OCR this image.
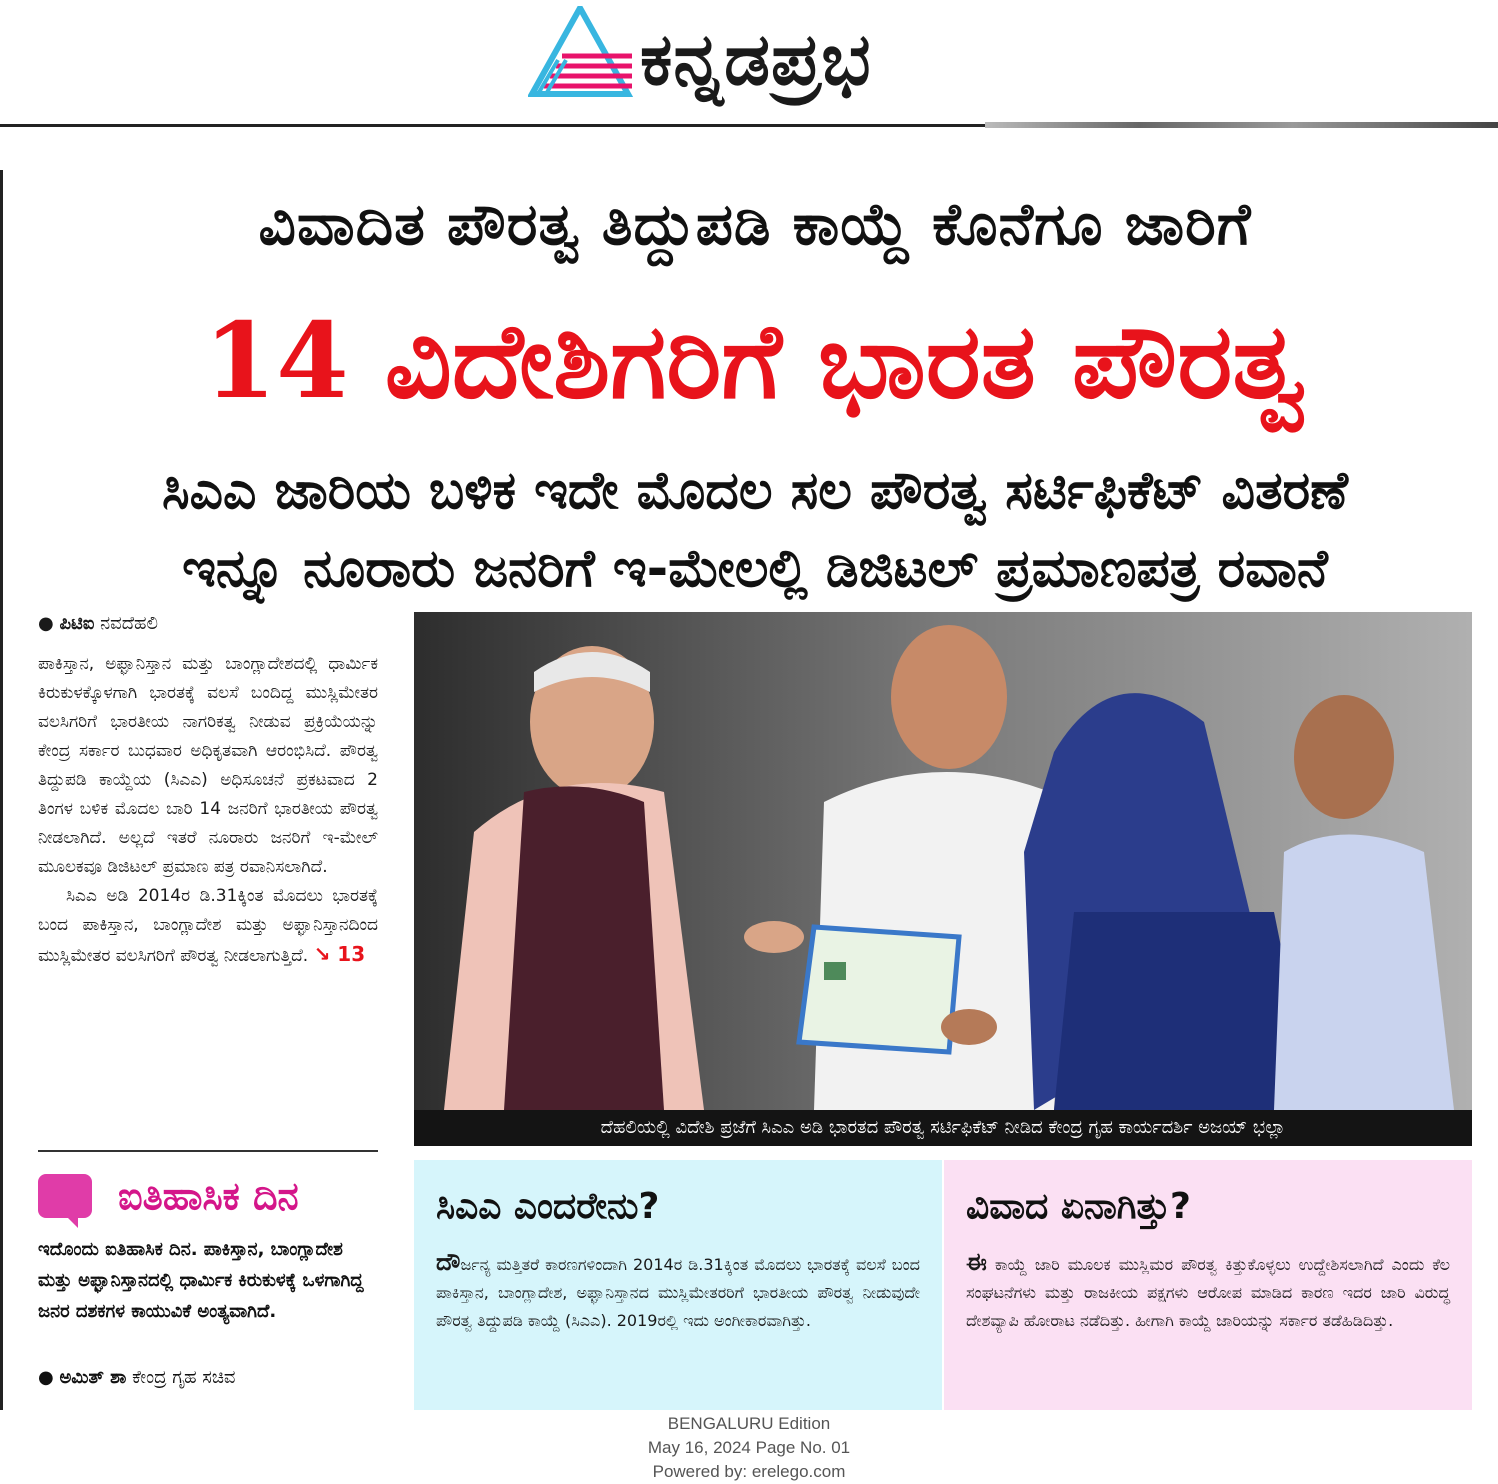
ಕನ್ನಡಪ್ರಭ
ವಿವಾದಿತ ಪೌರತ್ವ ತಿದ್ದುಪಡಿ ಕಾಯ್ದೆ ಕೊನೆಗೂ ಜಾರಿಗೆ
14 ವಿದೇಶಿಗರಿಗೆ ಭಾರತ ಪೌರತ್ವ
ಸಿಎಎ ಜಾರಿಯ ಬಳಿಕ ಇದೇ ಮೊದಲ ಸಲ ಪೌರತ್ವ ಸರ್ಟಿಫಿಕೆಟ್ ವಿತರಣೆ
ಇನ್ನೂ ನೂರಾರು ಜನರಿಗೆ ಇ-ಮೇಲಲ್ಲಿ ಡಿಜಿಟಲ್ ಪ್ರಮಾಣಪತ್ರ ರವಾನೆ
● ಪಿಟಿಐ ನವದೆಹಲಿ

ಪಾಕಿಸ್ತಾನ, ಅಫ್ಘಾನಿಸ್ತಾನ ಮತ್ತು ಬಾಂಗ್ಲಾದೇಶದಲ್ಲಿ ಧಾರ್ಮಿಕ ಕಿರುಕುಳಕ್ಕೊಳಗಾಗಿ ಭಾರತಕ್ಕೆ ವಲಸೆ ಬಂದಿದ್ದ ಮುಸ್ಲಿಮೇತರ ವಲಸಿಗರಿಗೆ ಭಾರತೀಯ ನಾಗರಿಕತ್ವ ನೀಡುವ ಪ್ರಕ್ರಿಯೆಯನ್ನು ಕೇಂದ್ರ ಸರ್ಕಾರ ಬುಧವಾರ ಅಧಿಕೃತವಾಗಿ ಆರಂಭಿಸಿದೆ. ಪೌರತ್ವ ತಿದ್ದುಪಡಿ ಕಾಯ್ದೆಯ (ಸಿಎಎ) ಅಧಿಸೂಚನೆ ಪ್ರಕಟವಾದ 2 ತಿಂಗಳ ಬಳಿಕ ಮೊದಲ ಬಾರಿ 14 ಜನರಿಗೆ ಭಾರತೀಯ ಪೌರತ್ವ ನೀಡಲಾಗಿದೆ. ಅಲ್ಲದೆ ಇತರೆ ನೂರಾರು ಜನರಿಗೆ ಇ-ಮೇಲ್ ಮೂಲಕವೂ ಡಿಜಿಟಲ್ ಪ್ರಮಾಣ ಪತ್ರ ರವಾನಿಸಲಾಗಿದೆ.

ಸಿಎಎ ಅಡಿ 2014ರ ಡಿ.31ಕ್ಕಿಂತ ಮೊದಲು ಭಾರತಕ್ಕೆ ಬಂದ ಪಾಕಿಸ್ತಾನ, ಬಾಂಗ್ಲಾದೇಶ ಮತ್ತು ಅಫ್ಘಾನಿಸ್ತಾನದಿಂದ ಮುಸ್ಲಿಮೇತರ ವಲಸಿಗರಿಗೆ ಪೌರತ್ವ ನೀಡಲಾಗುತ್ತಿದೆ. ↘ 13

ಐತಿಹಾಸಿಕ ದಿನ
ಇದೊಂದು ಐತಿಹಾಸಿಕ ದಿನ. ಪಾಕಿಸ್ತಾನ, ಬಾಂಗ್ಲಾದೇಶ ಮತ್ತು ಅಫ್ಘಾನಿಸ್ತಾನದಲ್ಲಿ ಧಾರ್ಮಿಕ ಕಿರುಕುಳಕ್ಕೆ ಒಳಗಾಗಿದ್ದ ಜನರ ದಶಕಗಳ ಕಾಯುವಿಕೆ ಅಂತ್ಯವಾಗಿದೆ.
● ಅಮಿತ್ ಶಾ ಕೇಂದ್ರ ಗೃಹ ಸಚಿವ
ದೆಹಲಿಯಲ್ಲಿ ವಿದೇಶಿ ಪ್ರಜೆಗೆ ಸಿಎಎ ಅಡಿ ಭಾರತದ ಪೌರತ್ವ ಸರ್ಟಿಫಿಕೆಟ್ ನೀಡಿದ ಕೇಂದ್ರ ಗೃಹ ಕಾರ್ಯದರ್ಶಿ ಅಜಯ್ ಭಲ್ಲಾ
ಸಿಎಎ ಎಂದರೇನು?
ದೌರ್ಜನ್ಯ ಮತ್ತಿತರೆ ಕಾರಣಗಳಿಂದಾಗಿ 2014ರ ಡಿ.31ಕ್ಕಿಂತ ಮೊದಲು ಭಾರತಕ್ಕೆ ವಲಸೆ ಬಂದ ಪಾಕಿಸ್ತಾನ, ಬಾಂಗ್ಲಾದೇಶ, ಅಫ್ಘಾನಿಸ್ತಾನದ ಮುಸ್ಲಿಮೇತರರಿಗೆ ಭಾರತೀಯ ಪೌರತ್ವ ನೀಡುವುದೇ ಪೌರತ್ವ ತಿದ್ದುಪಡಿ ಕಾಯ್ದೆ (ಸಿಎಎ). 2019ರಲ್ಲಿ ಇದು ಅಂಗೀಕಾರವಾಗಿತ್ತು.
ವಿವಾದ ಏನಾಗಿತ್ತು?
ಈ ಕಾಯ್ದೆ ಜಾರಿ ಮೂಲಕ ಮುಸ್ಲಿಮರ ಪೌರತ್ವ ಕಿತ್ತುಕೊಳ್ಳಲು ಉದ್ದೇಶಿಸಲಾಗಿದೆ ಎಂದು ಕೆಲ ಸಂಘಟನೆಗಳು ಮತ್ತು ರಾಜಕೀಯ ಪಕ್ಷಗಳು ಆರೋಪ ಮಾಡಿದ ಕಾರಣ ಇದರ ಜಾರಿ ವಿರುದ್ಧ ದೇಶವ್ಯಾಪಿ ಹೋರಾಟ ನಡೆದಿತ್ತು. ಹೀಗಾಗಿ ಕಾಯ್ದೆ ಜಾರಿಯನ್ನು ಸರ್ಕಾರ ತಡೆಹಿಡಿದಿತ್ತು.
BENGALURU Edition
May 16, 2024 Page No. 01
Powered by: erelego.com
